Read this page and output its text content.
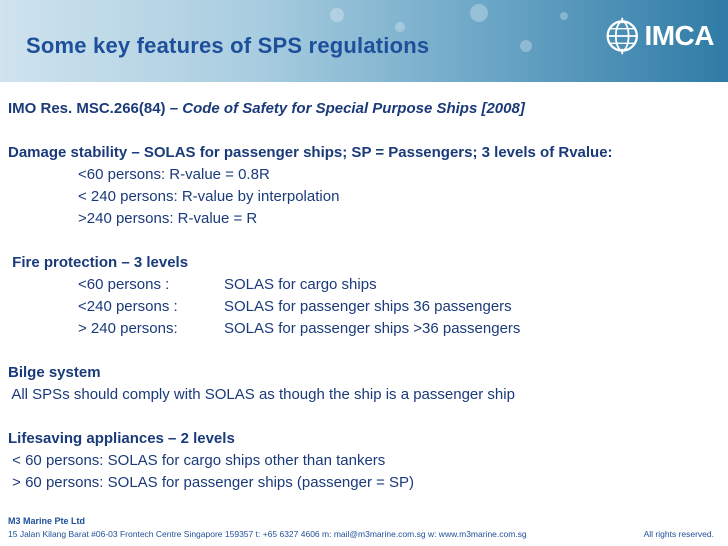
Some key features of SPS regulations	IMCA
IMO Res. MSC.266(84) – Code of Safety for Special Purpose Ships [2008]
Damage stability – SOLAS for passenger ships; SP = Passengers; 3 levels of Rvalue:
<60 persons: R-value = 0.8R
< 240 persons: R-value by interpolation
>240 persons: R-value = R
Fire protection – 3 levels
<60 persons :	SOLAS for cargo ships
<240 persons :	SOLAS for passenger ships 36 passengers
> 240 persons:	SOLAS for passenger ships >36 passengers
Bilge system
All SPSs should comply with SOLAS as though the ship is a passenger ship
Lifesaving appliances – 2 levels
< 60 persons: SOLAS for cargo ships other than tankers
> 60 persons: SOLAS for passenger ships (passenger = SP)
M3 Marine Pte Ltd
15 Jalan Kilang Barat #06-03 Frontech Centre Singapore 159357 t: +65 6327 4606 m: mail@m3marine.com.sg w: www.m3marine.com.sg	All rights reserved.
